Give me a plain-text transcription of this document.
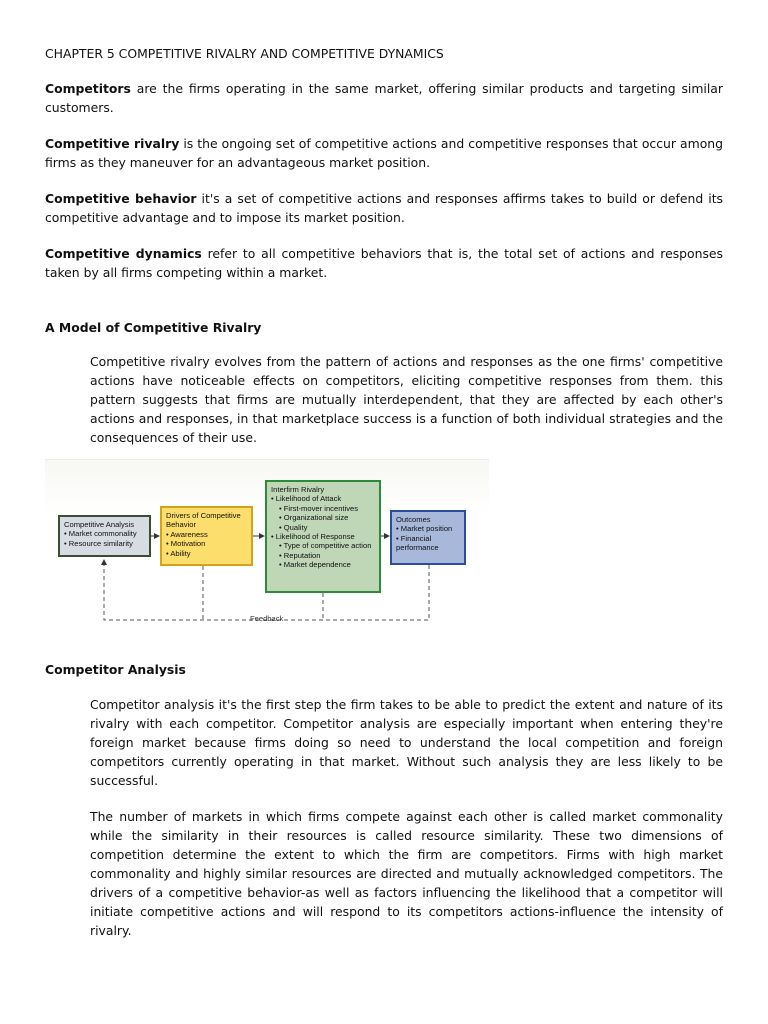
CHAPTER 5 COMPETITIVE RIVALRY AND COMPETITIVE DYNAMICS

Competitors are the firms operating in the same market, offering similar products and targeting similar customers.

Competitive rivalry is the ongoing set of competitive actions and competitive responses that occur among firms as they maneuver for an advantageous market position.

Competitive behavior it's a set of competitive actions and responses affirms takes to build or defend its competitive advantage and to impose its market position.

Competitive dynamics refer to all competitive behaviors that is, the total set of actions and responses taken by all firms competing within a market.

A Model of Competitive Rivalry

Competitive rivalry evolves from the pattern of actions and responses as the one firms' competitive actions have noticeable effects on competitors, eliciting competitive responses from them. this pattern suggests that firms are mutually interdependent, that they are affected by each other's actions and responses, in that marketplace success is a function of both individual strategies and the consequences of their use.

Competitive Analysis
• Market commonality
• Resource similarity
Drivers of Competitive Behavior
• Awareness
• Motivation
• Ability
Interfirm Rivalry
• Likelihood of Attack
• First-mover incentives
• Organizational size
• Quality
• Likelihood of Response
• Type of competitive action
• Reputation
• Market dependence
Outcomes
• Market position
• Financial performance
Feedback
Competitor Analysis

Competitor analysis it's the first step the firm takes to be able to predict the extent and nature of its rivalry with each competitor. Competitor analysis are especially important when entering they're foreign market because firms doing so need to understand the local competition and foreign competitors currently operating in that market. Without such analysis they are less likely to be successful.

The number of markets in which firms compete against each other is called market commonality while the similarity in their resources is called resource similarity. These two dimensions of competition determine the extent to which the firm are competitors. Firms with high market commonality and highly similar resources are directed and mutually acknowledged competitors. The drivers of a competitive behavior-as well as factors influencing the likelihood that a competitor will initiate competitive actions and will respond to its competitors actions-influence the intensity of rivalry.
